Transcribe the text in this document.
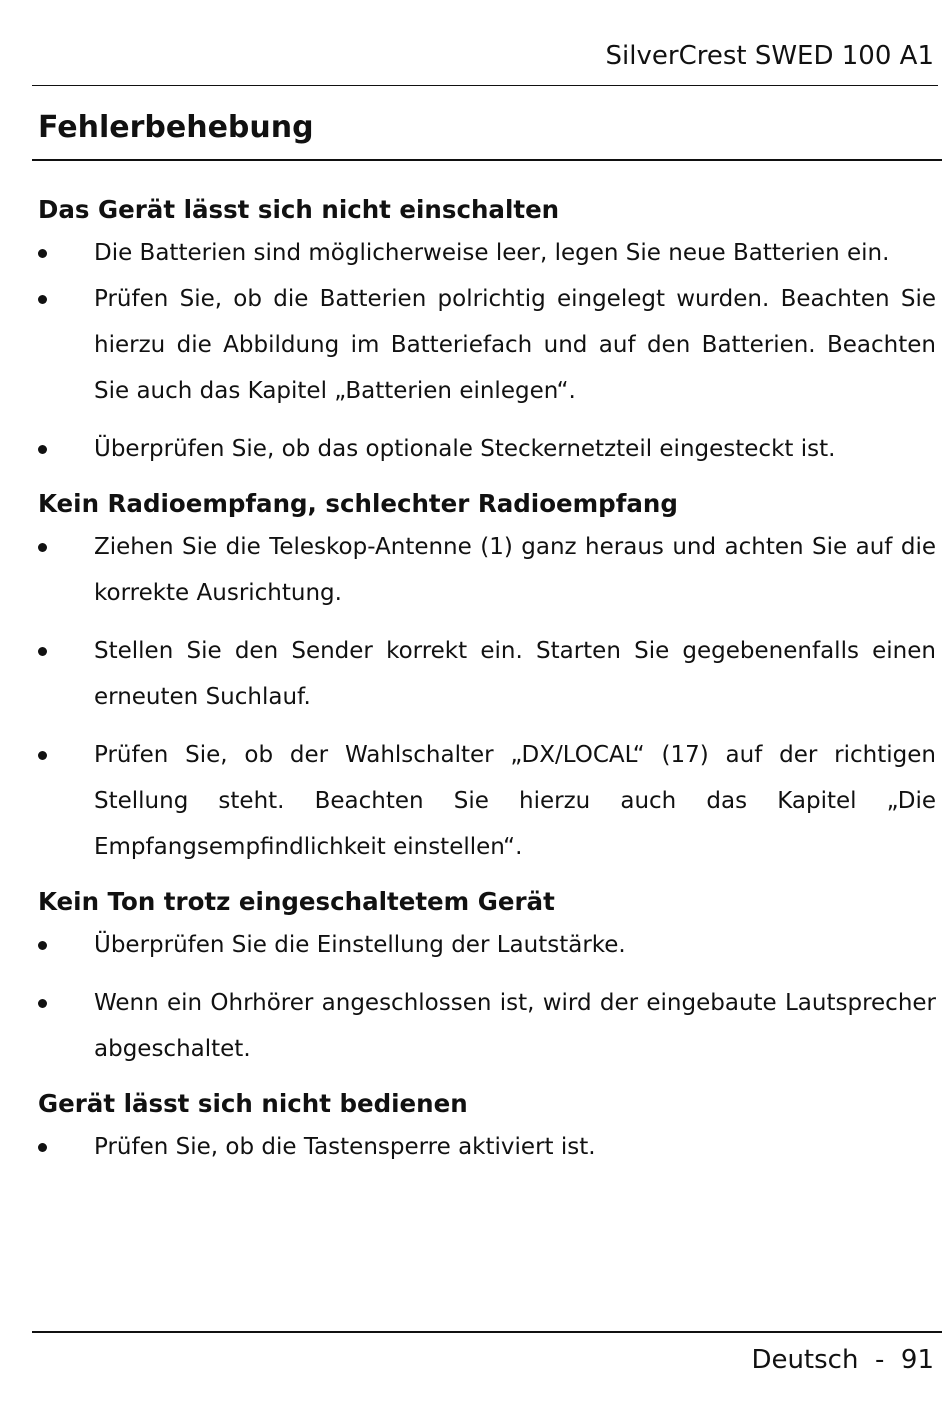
SilverCrest SWED 100 A1
Fehlerbehebung
Das Gerät lässt sich nicht einschalten
Die Batterien sind möglicherweise leer, legen Sie neue Batterien ein.
Prüfen Sie, ob die Batterien polrichtig eingelegt wurden. Beachten Sie hierzu die Abbildung im Batteriefach und auf den Batterien. Beachten Sie auch das Kapitel „Batterien einlegen“.
Überprüfen Sie, ob das optionale Steckernetzteil eingesteckt ist.
Kein Radioempfang, schlechter Radioempfang
Ziehen Sie die Teleskop-Antenne (1) ganz heraus und achten Sie auf die korrekte Ausrichtung.
Stellen Sie den Sender korrekt ein. Starten Sie gegebenenfalls einen erneuten Suchlauf.
Prüfen Sie, ob der Wahlschalter „DX/LOCAL“ (17) auf der richtigen Stellung steht. Beachten Sie hierzu auch das Kapitel „Die Empfangsempfindlichkeit einstellen“.
Kein Ton trotz eingeschaltetem Gerät
Überprüfen Sie die Einstellung der Lautstärke.
Wenn ein Ohrhörer angeschlossen ist, wird der eingebaute Lautsprecher abgeschaltet.
Gerät lässt sich nicht bedienen
Prüfen Sie, ob die Tastensperre aktiviert ist.
Deutsch - 91
